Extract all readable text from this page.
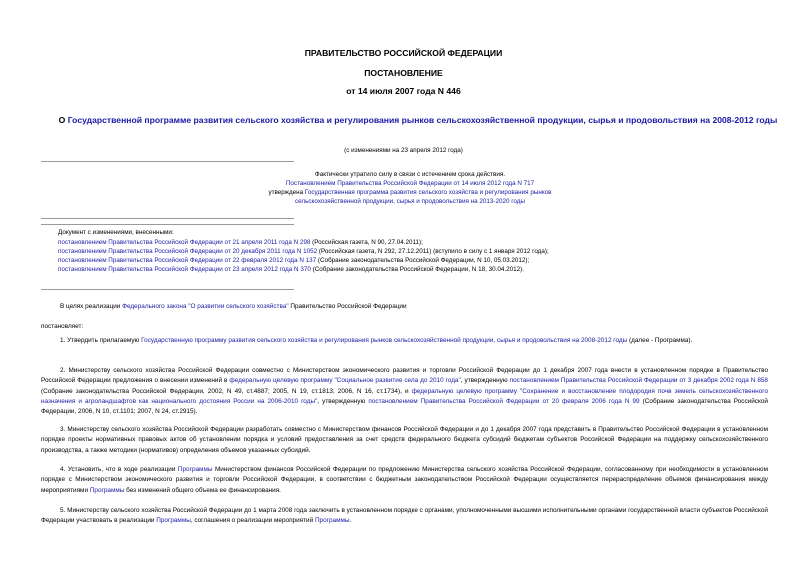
ПРАВИТЕЛЬСТВО РОССИЙСКОЙ ФЕДЕРАЦИИ
ПОСТАНОВЛЕНИЕ
от 14 июля 2007 года N 446
О Государственной программе развития сельского хозяйства и регулирования рынков сельскохозяйственной продукции, сырья и продовольствия на 2008-2012 годы
(с изменениями на 23 апреля 2012 года)

Фактически утратило силу в связи с истечением срока действия.

Постановлением Правительства Российской Федерации от 14 июля 2012 года N 717

утверждена Государственная программа развития сельского хозяйства и регулирования рынков сельскохозяйственной продукции, сырья и продовольствия на 2013-2020 годы

Документ с изменениями, внесенными:

постановлением Правительства Российской Федерации от 21 апреля 2011 года N 298 (Российская газета, N 90, 27.04.2011);

постановлением Правительства Российской Федерации от 20 декабря 2011 года N 1052 (Российская газета, N 292, 27.12.2011) (вступило в силу с 1 января 2012 года);

постановлением Правительства Российской Федерации от 22 февраля 2012 года N 137 (Собрание законодательства Российской Федерации, N 10, 05.03.2012);

постановлением Правительства Российской Федерации от 23 апреля 2012 года N 370 (Собрание законодательства Российской Федерации, N 18, 30.04.2012).

В целях реализации Федерального закона "О развитии сельского хозяйства" Правительство Российской Федерации

постановляет:

1. Утвердить прилагаемую Государственную программу развития сельского хозяйства и регулирования рынков сельскохозяйственной продукции, сырья и продовольствия на 2008-2012 годы (далее - Программа).

2. Министерству сельского хозяйства Российской Федерации совместно с Министерством экономического развития и торговли Российской Федерации до 1 декабря 2007 года внести в установленном порядке в Правительство Российской Федерации предложения о внесении изменений в федеральную целевую программу "Социальное развитие села до 2010 года", утвержденную постановлением Правительства Российской Федерации от 3 декабря 2002 года N 858 (Собрание законодательства Российской Федерации, 2002, N 49, ст.4887; 2005, N 19, ст.1813; 2006, N 16, ст.1734), и федеральную целевую программу "Сохранение и восстановление плодородия почв земель сельскохозяйственного назначения и агроландшафтов как национального достояния России на 2006-2010 годы", утвержденную постановлением Правительства Российской Федерации от 20 февраля 2006 года N 99 (Собрание законодательства Российской Федерации, 2006, N 10, ст.1101; 2007, N 24, ст.2915).

3. Министерству сельского хозяйства Российской Федерации разработать совместно с Министерством финансов Российской Федерации и до 1 декабря 2007 года представить в Правительство Российской Федерации в установленном порядке проекты нормативных правовых актов об установлении порядка и условий предоставления за счет средств федерального бюджета субсидий бюджетам субъектов Российской Федерации на поддержку сельскохозяйственного производства, а также методики (нормативов) определения объемов указанных субсидий.

4. Установить, что в ходе реализации Программы Министерством финансов Российской Федерации по предложению Министерства сельского хозяйства Российской Федерации, согласованному при необходимости в установленном порядке с Министерством экономического развития и торговли Российской Федерации, в соответствии с бюджетным законодательством Российской Федерации осуществляется перераспределение объемов финансирования между мероприятиями Программы без изменений общего объема ее финансирования.

5. Министерству сельского хозяйства Российской Федерации до 1 марта 2008 года заключить в установленном порядке с органами, уполномоченными высшими исполнительными органами государственной власти субъектов Российской Федерации участвовать в реализации Программы, соглашения о реализации мероприятий Программы.
